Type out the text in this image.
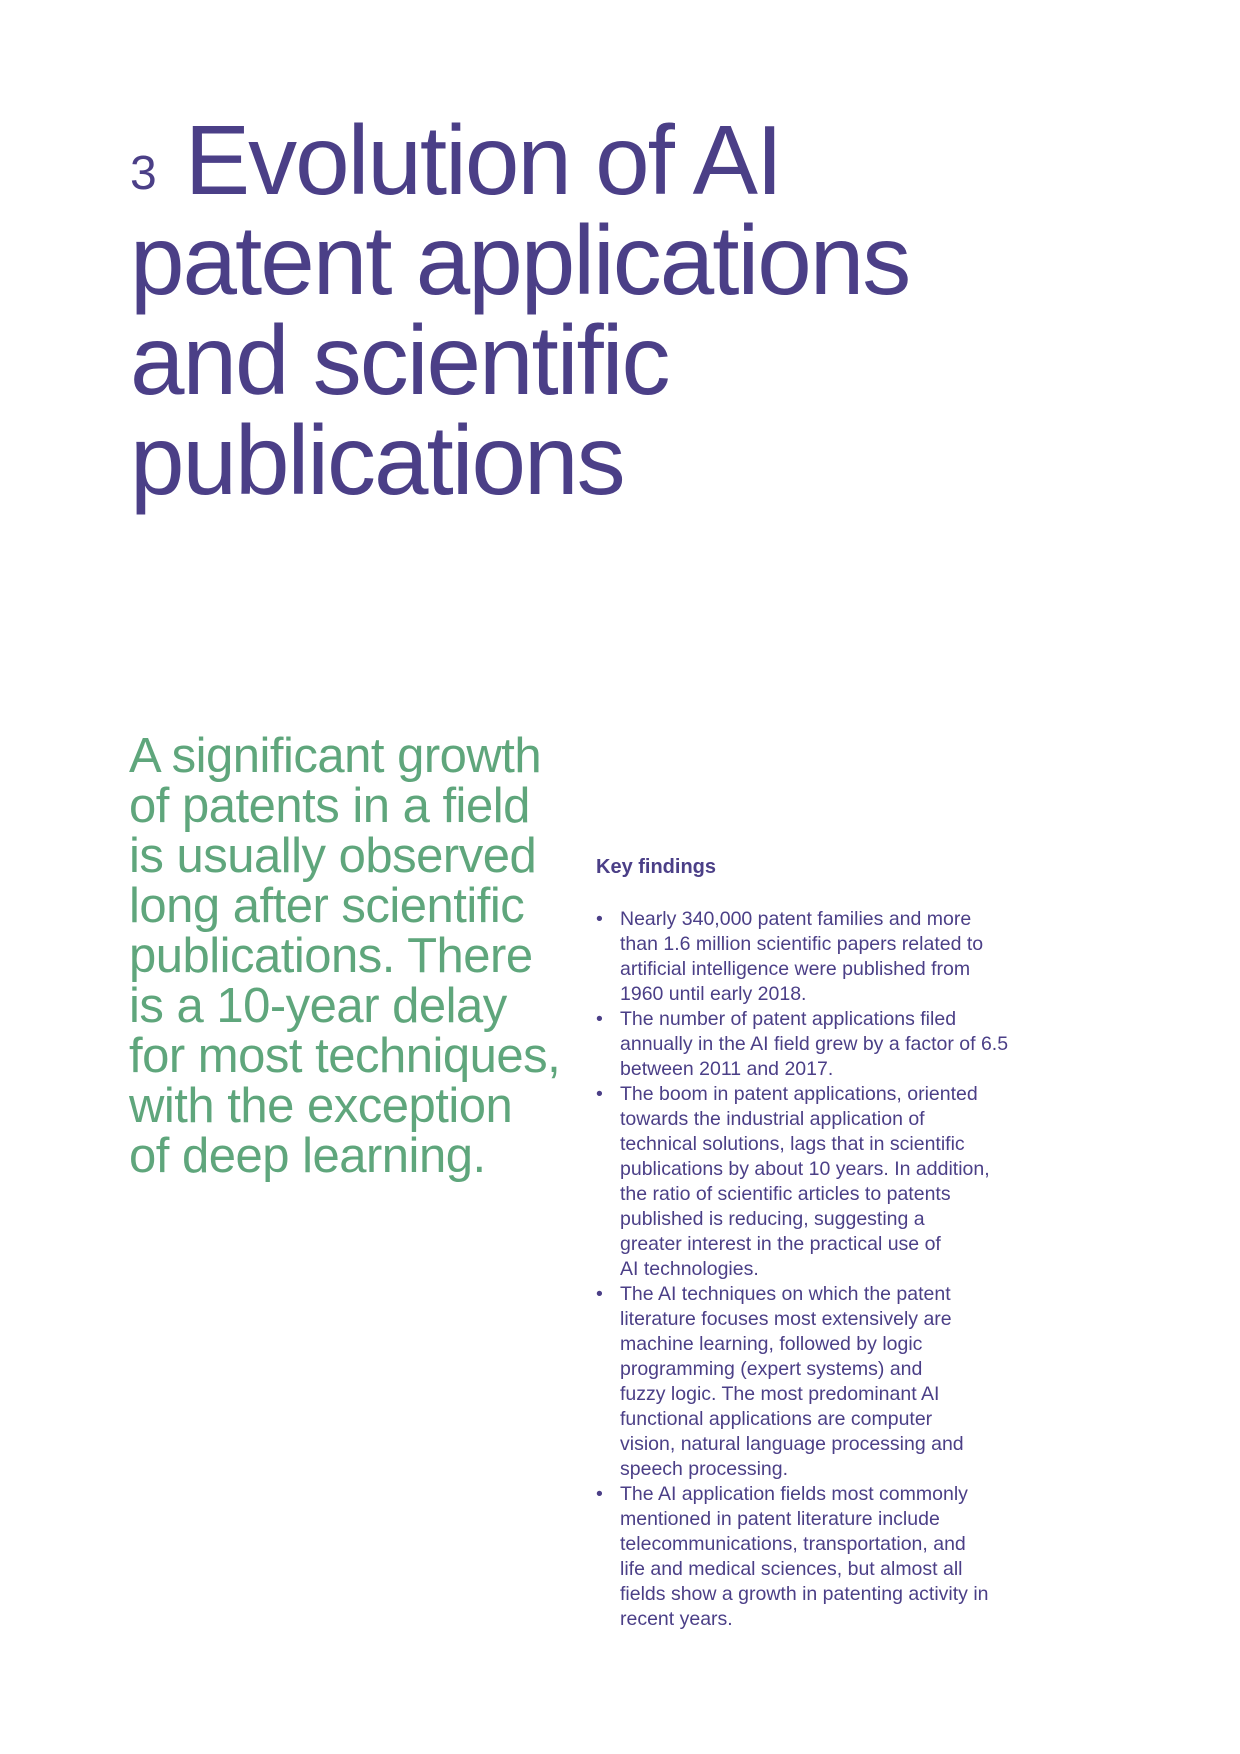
$^3$ Evolution of AI
patent applications
and scientific
publications

A significant growth
of patents in a field
is usually observed
long after scientific
publications. There
is a 10-year delay
for most techniques,
with the exception
of deep learning.

Key findings
• Nearly 340,000 patent families and more
than 1.6 million scientific papers related to
artificial intelligence were published from
1960 until early 2018.
• The number of patent applications filed
annually in the AI field grew by a factor of 6.5
between 2011 and 2017.
• The boom in patent applications, oriented
towards the industrial application of
technical solutions, lags that in scientific
publications by about 10 years. In addition,
the ratio of scientific articles to patents
published is reducing, suggesting a
greater interest in the practical use of
AI technologies.
• The AI techniques on which the patent
literature focuses most extensively are
machine learning, followed by logic
programming (expert systems) and
fuzzy logic. The most predominant AI
functional applications are computer
vision, natural language processing and
speech processing.
• The AI application fields most commonly
mentioned in patent literature include
telecommunications, transportation, and
life and medical sciences, but almost all
fields show a growth in patenting activity in
recent years.
